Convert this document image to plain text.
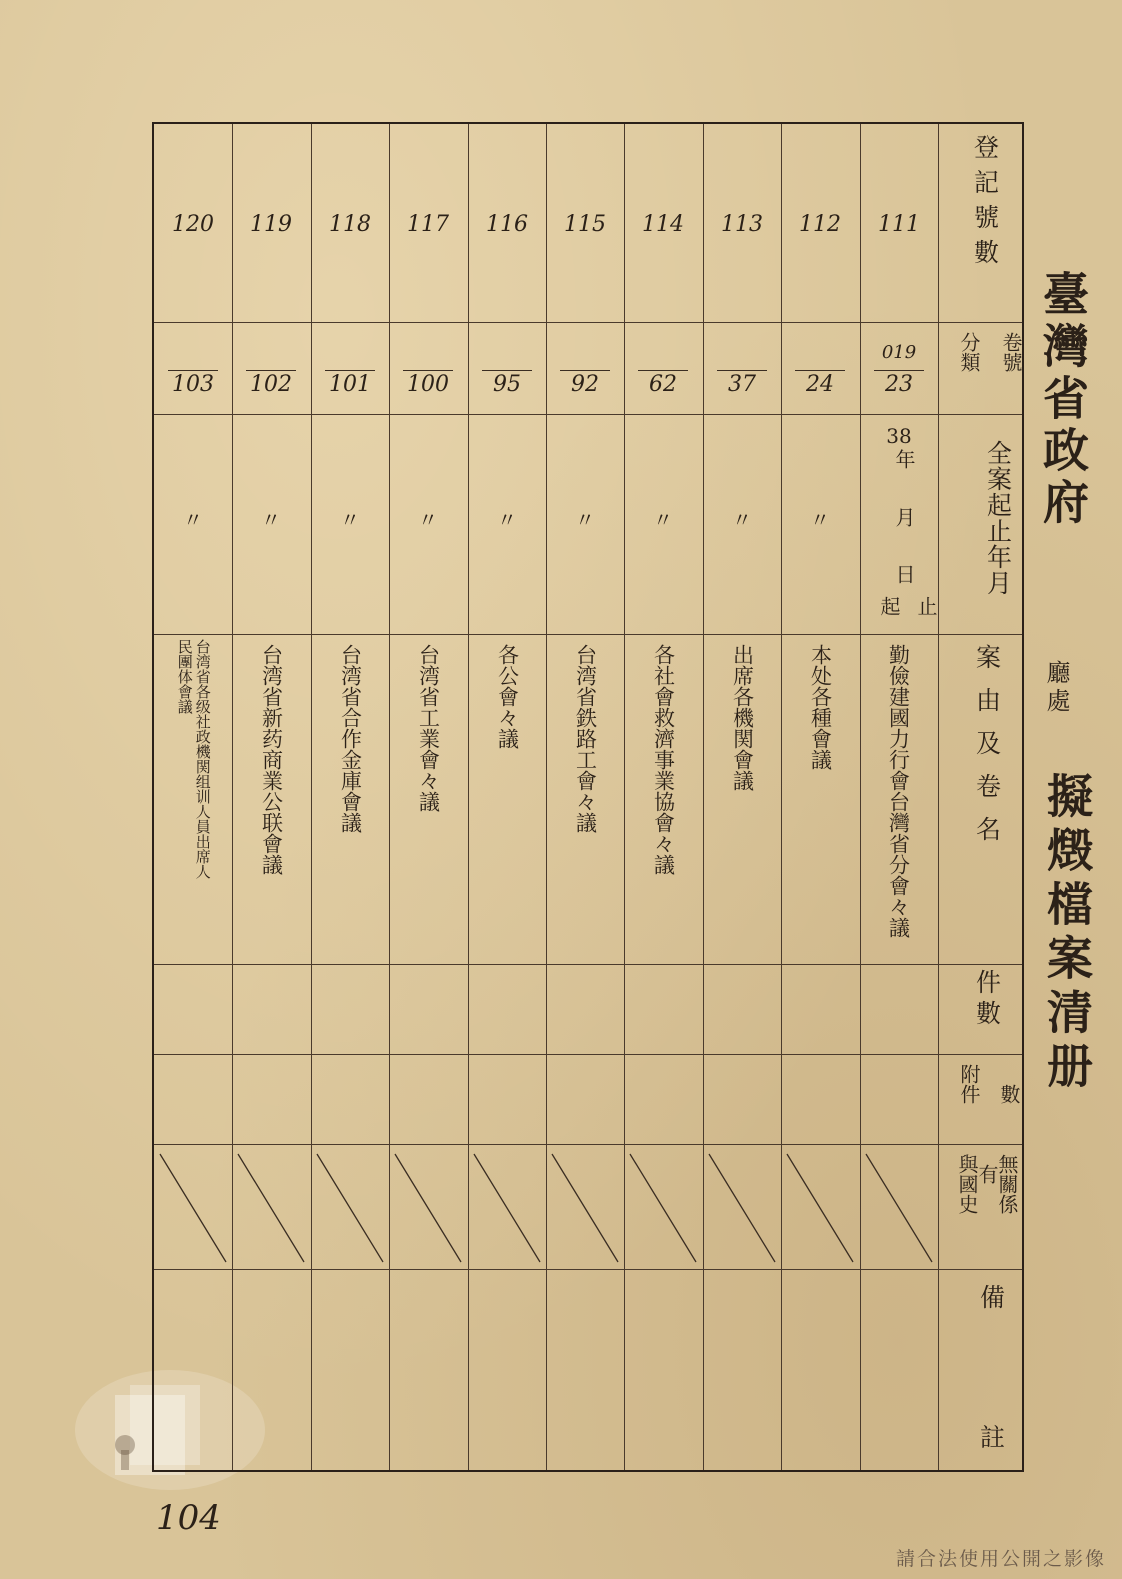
臺灣省政府
廳處
擬燬檔案清册
登記號數
卷號
分類
全案起止年月
案由及卷名
件數
數
附件
無關係
有
與國史
備
註
111
019
23
38
年
月
日
止
起
勤儉建國力行會台灣省分會々議
112
24
〃
本处各種會議
113
37
〃
出席各機関會議
114
62
〃
各社會救濟事業協會々議
115
92
〃
台湾省鉄路工會々議
116
95
〃
各公會々議
117
100
〃
台湾省工業會々議
118
101
〃
台湾省合作金庫會議
119
102
〃
台湾省新药商業公联會議
120
103
〃
台湾省各级社政機関组训人員出席人
民團体會議
104
請合法使用公開之影像
